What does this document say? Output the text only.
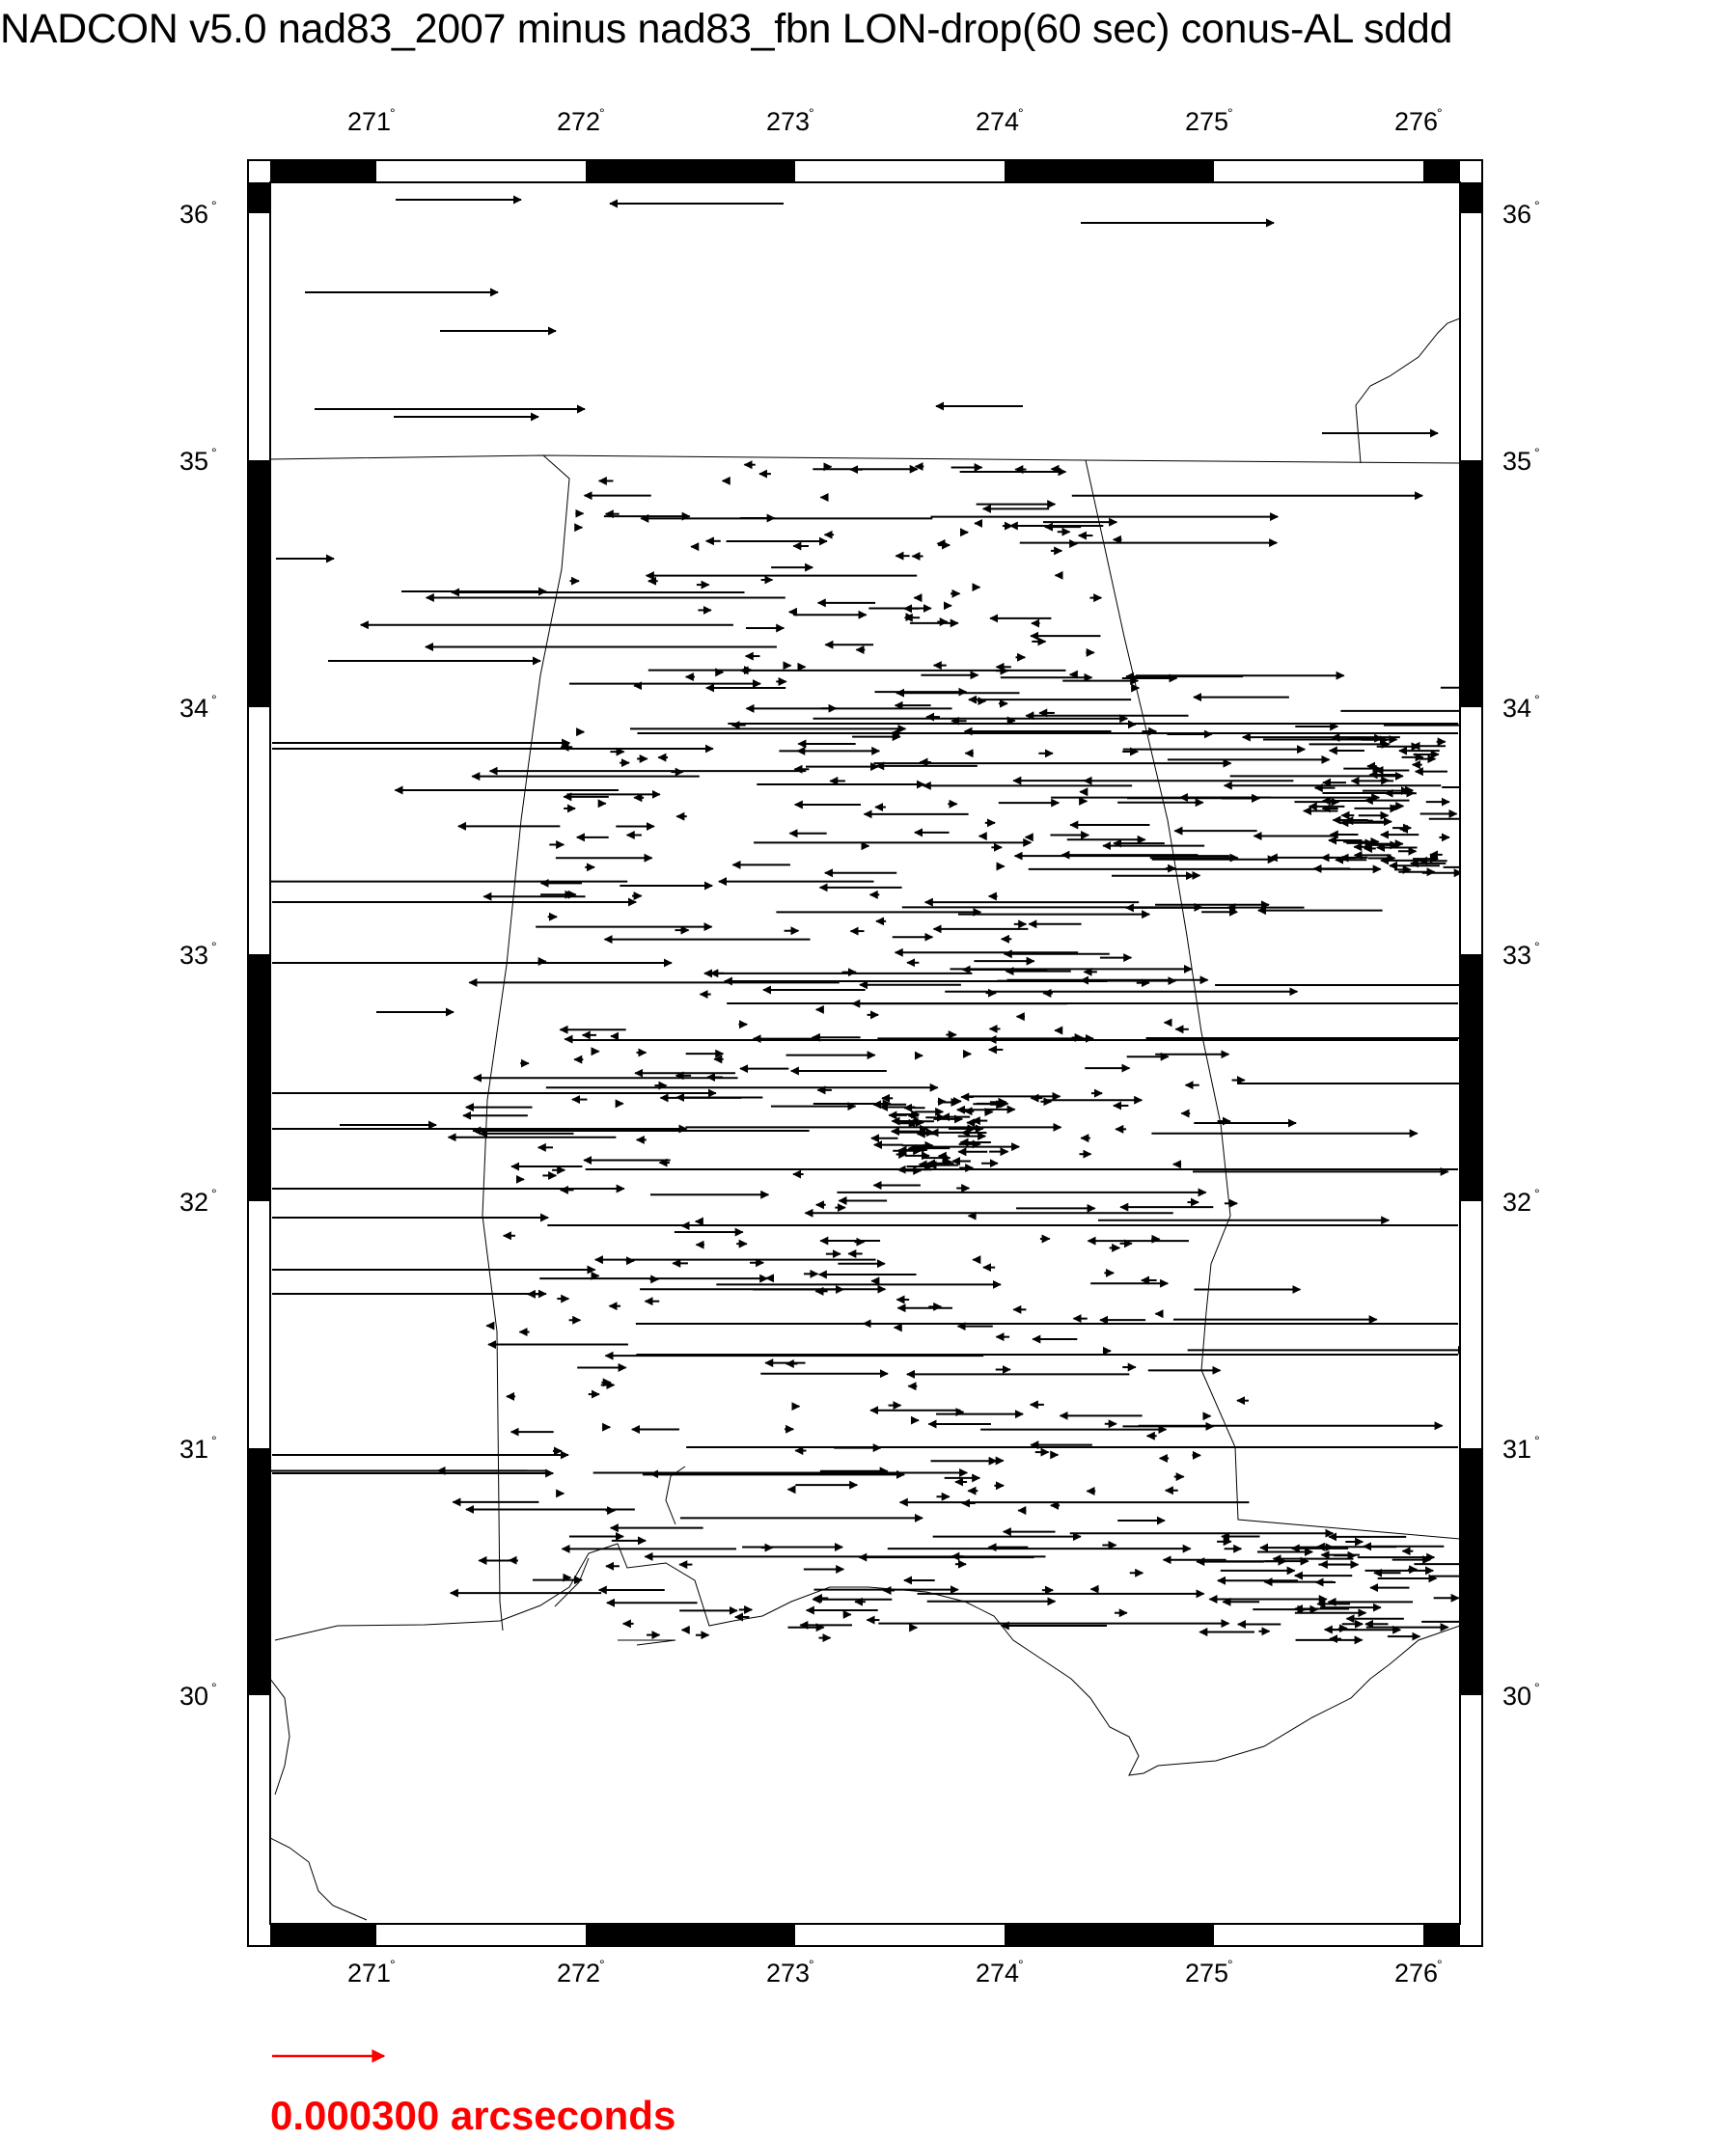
NADCON v5.0 nad83_2007 minus nad83_fbn LON-drop(60 sec) conus-AL sddd
271
°
271
°
272
°
272
°
273
°
273
°
274
°
274
°
275
°
275
°
276
°
276
°
30 °	30 °
31 °	31 °
32 °	32 °
33 °	33 °
34 °	34 °
35 °	35 °
36 °	36 °
0.000300 arcseconds
